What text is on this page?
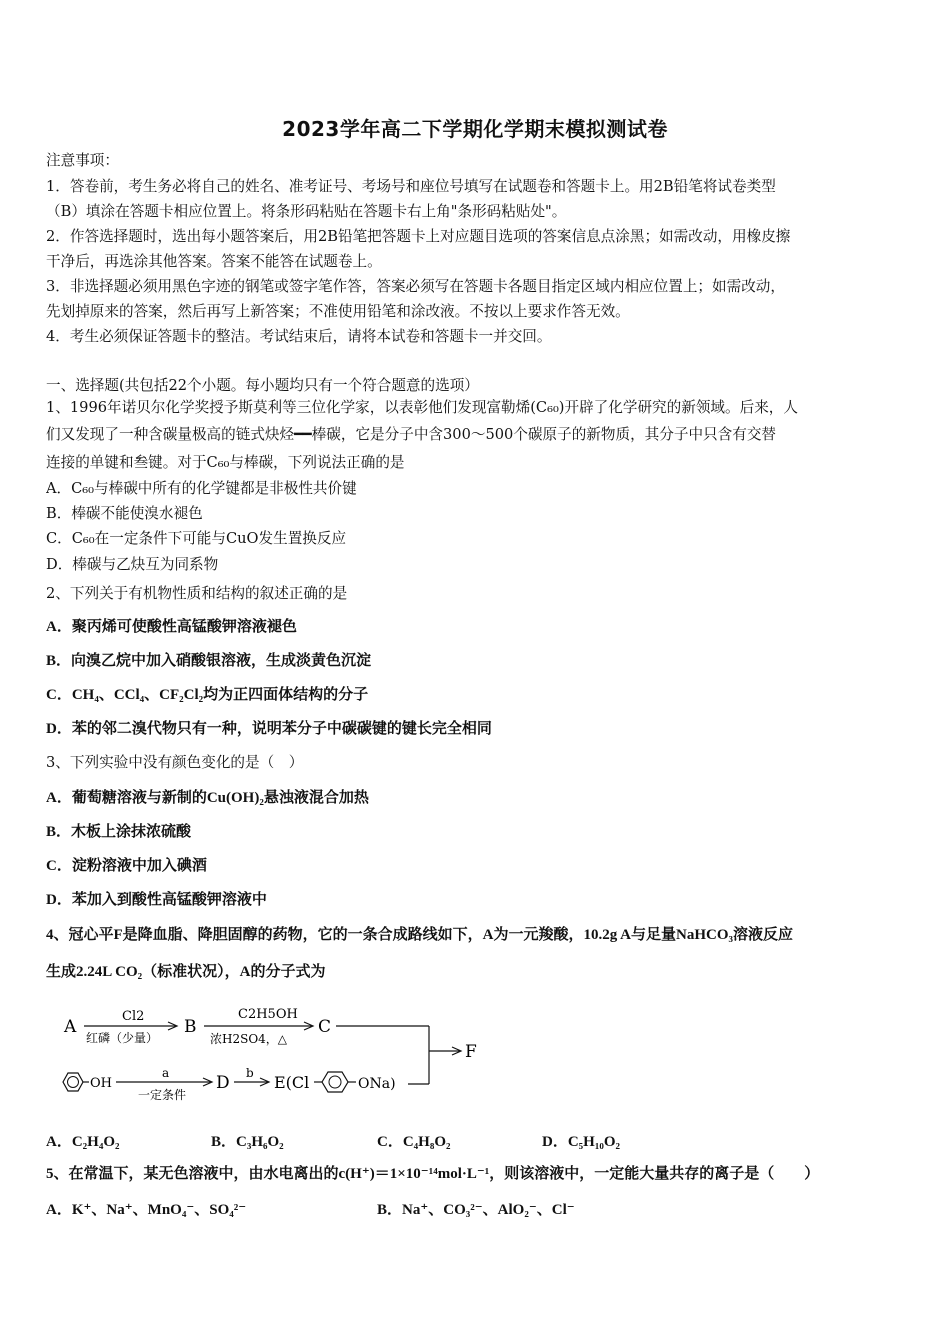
2023学年高二下学期化学期末模拟测试卷
注意事项：
1．答卷前，考生务必将自己的姓名、准考证号、考场号和座位号填写在试题卷和答题卡上。用2B铅笔将试卷类型
（B）填涂在答题卡相应位置上。将条形码粘贴在答题卡右上角"条形码粘贴处"。
2．作答选择题时，选出每小题答案后，用2B铅笔把答题卡上对应题目选项的答案信息点涂黑；如需改动，用橡皮擦
干净后，再选涂其他答案。答案不能答在试题卷上。
3．非选择题必须用黑色字迹的钢笔或签字笔作答，答案必须写在答题卡各题目指定区域内相应位置上；如需改动，
先划掉原来的答案，然后再写上新答案；不准使用铅笔和涂改液。不按以上要求作答无效。
4．考生必须保证答题卡的整洁。考试结束后，请将本试卷和答题卡一并交回。
一、选择题(共包括22个小题。每小题均只有一个符合题意的选项）
1、1996年诺贝尔化学奖授予斯莫利等三位化学家，以表彰他们发现富勒烯(C₆₀)开辟了化学研究的新领域。后来，人
们又发现了一种含碳量极高的链式炔烃━━棒碳，它是分子中含300～500个碳原子的新物质，其分子中只含有交替
连接的单键和叁键。对于C₆₀与棒碳，下列说法正确的是
A．C₆₀与棒碳中所有的化学键都是非极性共价键
B．棒碳不能使溴水褪色
C．C₆₀在一定条件下可能与CuO发生置换反应
D．棒碳与乙炔互为同系物
2、下列关于有机物性质和结构的叙述正确的是
A．聚丙烯可使酸性高锰酸钾溶液褪色
B．向溴乙烷中加入硝酸银溶液，生成淡黄色沉淀
C．CH₄、CCl₄、CF₂Cl₂均为正四面体结构的分子
D．苯的邻二溴代物只有一种，说明苯分子中碳碳键的键长完全相同
3、下列实验中没有颜色变化的是（　）
A．葡萄糖溶液与新制的Cu(OH)₂悬浊液混合加热
B．木板上涂抹浓硫酸
C．淀粉溶液中加入碘酒
D．苯加入到酸性高锰酸钾溶液中
4、冠心平F是降血脂、降胆固醇的药物，它的一条合成路线如下，A为一元羧酸，10.2g A与足量NaHCO₃溶液反应
生成2.24L CO₂（标准状况），A的分子式为
A
Cl2
红磷（少量）
B
C2H5OH
浓H2SO4，△
C
F
OH
a
一定条件
D b E(Cl	ONa)
A．C₂H₄O₂	B．C₃H₆O₂	C．C₄H₈O₂	D．C₅H₁₀O₂
5、在常温下，某无色溶液中，由水电离出的c(H⁺)＝1×10⁻¹⁴mol·L⁻¹，则该溶液中，一定能大量共存的离子是（　　）
A．K⁺、Na⁺、MnO₄⁻、SO₄²⁻	B．Na⁺、CO₃²⁻、AlO₂⁻、Cl⁻
